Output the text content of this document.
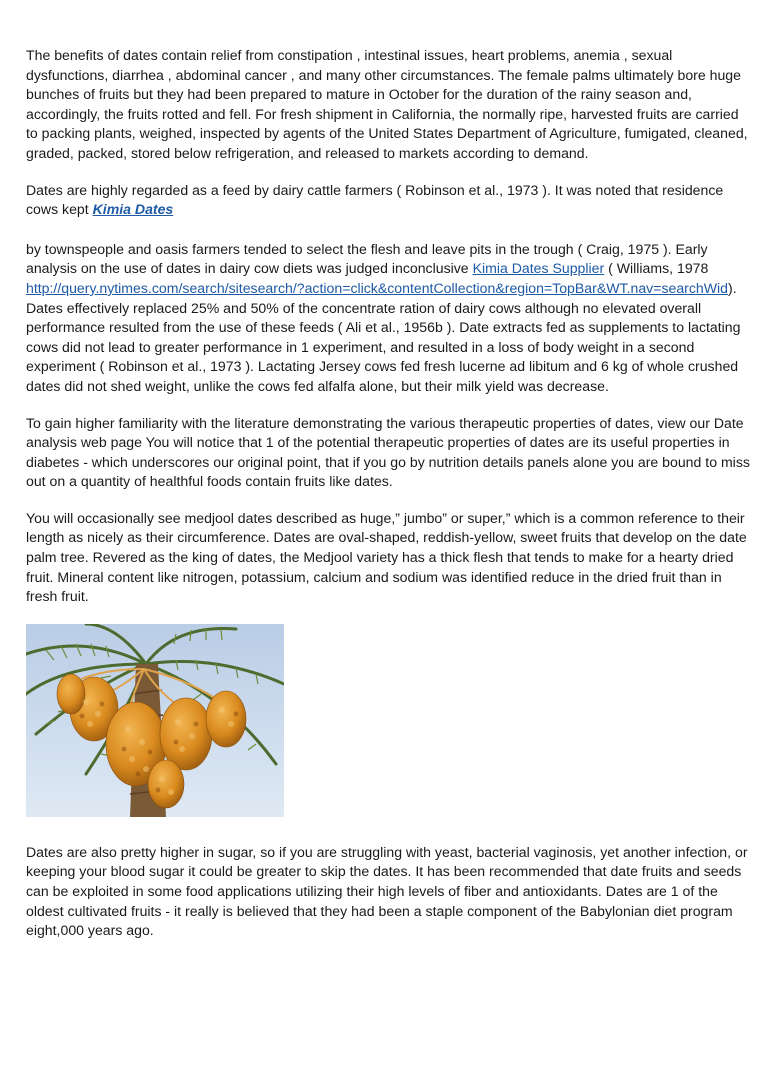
The benefits of dates contain relief from constipation , intestinal issues, heart problems, anemia , sexual dysfunctions, diarrhea , abdominal cancer , and many other circumstances. The female palms ultimately bore huge bunches of fruits but they had been prepared to mature in October for the duration of the rainy season and, accordingly, the fruits rotted and fell. For fresh shipment in California, the normally ripe, harvested fruits are carried to packing plants, weighed, inspected by agents of the United States Department of Agriculture, fumigated, cleaned, graded, packed, stored below refrigeration, and released to markets according to demand.

Dates are highly regarded as a feed by dairy cattle farmers ( Robinson et al., 1973 ). It was noted that residence cows kept Kimia Dates

by townspeople and oasis farmers tended to select the flesh and leave pits in the trough ( Craig, 1975 ). Early analysis on the use of dates in dairy cow diets was judged inconclusive Kimia Dates Supplier ( Williams, 1978 http://query.nytimes.com/search/sitesearch/?action=click&contentCollection&region=TopBar&WT.nav=searchWid). Dates effectively replaced 25% and 50% of the concentrate ration of dairy cows although no elevated overall performance resulted from the use of these feeds ( Ali et al., 1956b ). Date extracts fed as supplements to lactating cows did not lead to greater performance in 1 experiment, and resulted in a loss of body weight in a second experiment ( Robinson et al., 1973 ). Lactating Jersey cows fed fresh lucerne ad libitum and 6 kg of whole crushed dates did not shed weight, unlike the cows fed alfalfa alone, but their milk yield was decrease.

To gain higher familiarity with the literature demonstrating the various therapeutic properties of dates, view our Date analysis web page You will notice that 1 of the potential therapeutic properties of dates are its useful properties in diabetes - which underscores our original point, that if you go by nutrition details panels alone you are bound to miss out on a quantity of healthful foods contain fruits like dates.

You will occasionally see medjool dates described as huge,” jumbo” or super,” which is a common reference to their length as nicely as their circumference. Dates are oval-shaped, reddish-yellow, sweet fruits that develop on the date palm tree. Revered as the king of dates, the Medjool variety has a thick flesh that tends to make for a hearty dried fruit. Mineral content like nitrogen, potassium, calcium and sodium was identified reduce in the dried fruit than in fresh fruit.

Dates are also pretty higher in sugar, so if you are struggling with yeast, bacterial vaginosis, yet another infection, or keeping your blood sugar it could be greater to skip the dates. It has been recommended that date fruits and seeds can be exploited in some food applications utilizing their high levels of fiber and antioxidants. Dates are 1 of the oldest cultivated fruits - it really is believed that they had been a staple component of the Babylonian diet program eight,000 years ago.
